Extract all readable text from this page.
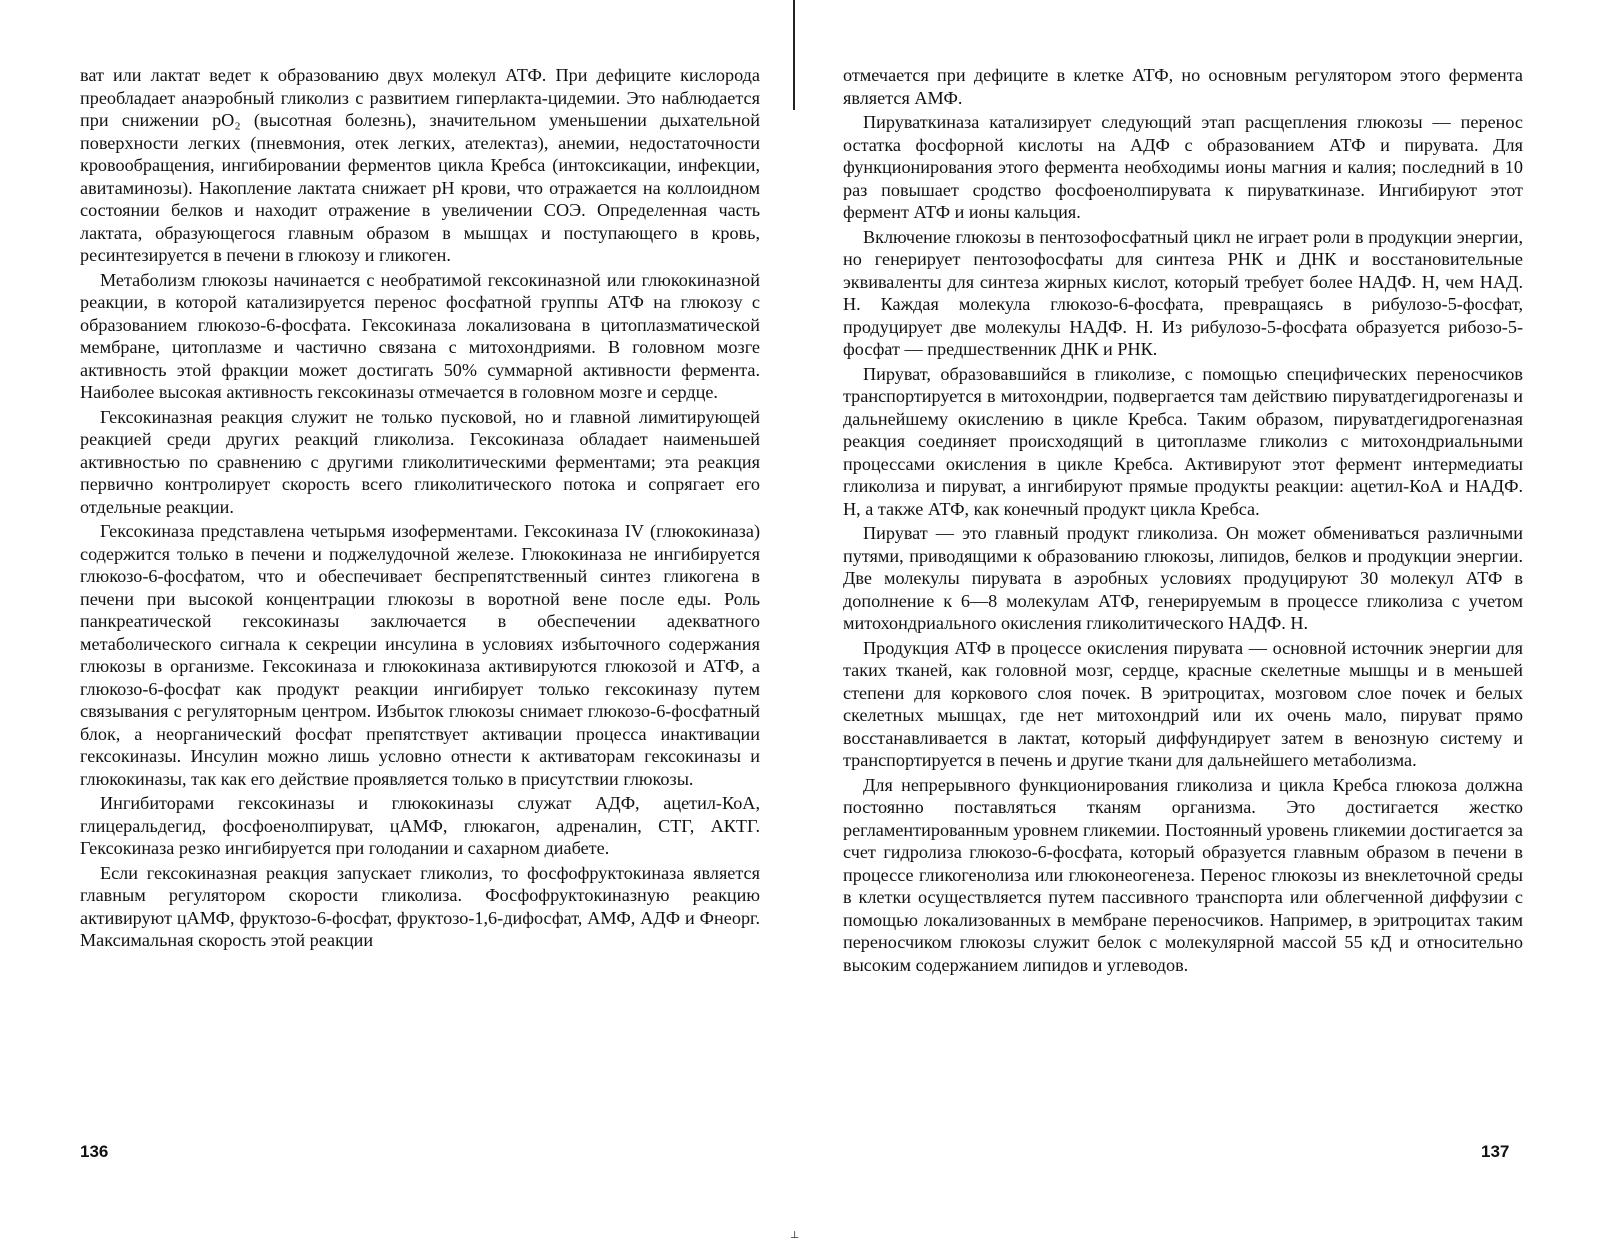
⊥

ват или лактат ведет к образованию двух молекул АТФ. При дефиците кислорода преобладает анаэробный гликолиз с развитием гиперлакта-цидемии. Это наблюдается при снижении pO₂ (высотная болезнь), значительном уменьшении дыхательной поверхности легких (пневмония, отек легких, ателектаз), анемии, недостаточности кровообращения, ингибировании ферментов цикла Кребса (интоксикации, инфекции, авитаминозы). Накопление лактата снижает pH крови, что отражается на коллоидном состоянии белков и находит отражение в увеличении СОЭ. Определенная часть лактата, образующегося главным образом в мышцах и поступающего в кровь, ресинтезируется в печени в глюкозу и гликоген.

Метаболизм глюкозы начинается с необратимой гексокиназной или глюкокиназной реакции, в которой катализируется перенос фосфатной группы АТФ на глюкозу с образованием глюкозо-6-фосфата. Гексокиназа локализована в цитоплазматической мембране, цитоплазме и частично связана с митохондриями. В головном мозге активность этой фракции может достигать 50% суммарной активности фермента. Наиболее высокая активность гексокиназы отмечается в головном мозге и сердце.

Гексокиназная реакция служит не только пусковой, но и главной лимитирующей реакцией среди других реакций гликолиза. Гексокиназа обладает наименьшей активностью по сравнению с другими гликолитическими ферментами; эта реакция первично контролирует скорость всего гликолитического потока и сопрягает его отдельные реакции.

Гексокиназа представлена четырьмя изоферментами. Гексокиназа IV (глюкокиназа) содержится только в печени и поджелудочной железе. Глюкокиназа не ингибируется глюкозо-6-фосфатом, что и обеспечивает беспрепятственный синтез гликогена в печени при высокой концентрации глюкозы в воротной вене после еды. Роль панкреатической гексокиназы заключается в обеспечении адекватного метаболического сигнала к секреции инсулина в условиях избыточного содержания глюкозы в организме. Гексокиназа и глюкокиназа активируются глюкозой и АТФ, а глюкозо-6-фосфат как продукт реакции ингибирует только гексокиназу путем связывания с регуляторным центром. Избыток глюкозы снимает глюкозо-6-фосфатный блок, а неорганический фосфат препятствует активации процесса инактивации гексокиназы. Инсулин можно лишь условно отнести к активаторам гексокиназы и глюкокиназы, так как его действие проявляется только в присутствии глюкозы.

Ингибиторами гексокиназы и глюкокиназы служат АДФ, ацетил-КоА, глицеральдегид, фосфоенолпируват, цАМФ, глюкагон, адреналин, СТГ, АКТГ. Гексокиназа резко ингибируется при голодании и сахарном диабете.

Если гексокиназная реакция запускает гликолиз, то фосфофруктокиназа является главным регулятором скорости гликолиза. Фосфофруктокиназную реакцию активируют цАМФ, фруктозо-6-фосфат, фруктозо-1,6-дифосфат, АМФ, АДФ и Фнеорг. Максимальная скорость этой реакции

отмечается при дефиците в клетке АТФ, но основным регулятором этого фермента является АМФ.

Пируваткиназа катализирует следующий этап расщепления глюкозы — перенос остатка фосфорной кислоты на АДФ с образованием АТФ и пирувата. Для функционирования этого фермента необходимы ионы магния и калия; последний в 10 раз повышает сродство фосфоенолпирувата к пируваткиназе. Ингибируют этот фермент АТФ и ионы кальция.

Включение глюкозы в пентозофосфатный цикл не играет роли в продукции энергии, но генерирует пентозофосфаты для синтеза РНК и ДНК и восстановительные эквиваленты для синтеза жирных кислот, который требует более НАДФ. Н, чем НАД. Н. Каждая молекула глюкозо-6-фосфата, превращаясь в рибулозо-5-фосфат, продуцирует две молекулы НАДФ. Н. Из рибулозо-5-фосфата образуется рибозо-5-фосфат — предшественник ДНК и РНК.

Пируват, образовавшийся в гликолизе, с помощью специфических переносчиков транспортируется в митохондрии, подвергается там действию пируватдегидрогеназы и дальнейшему окислению в цикле Кребса. Таким образом, пируватдегидрогеназная реакция соединяет происходящий в цитоплазме гликолиз с митохондриальными процессами окисления в цикле Кребса. Активируют этот фермент интермедиаты гликолиза и пируват, а ингибируют прямые продукты реакции: ацетил-КоА и НАДФ. Н, а также АТФ, как конечный продукт цикла Кребса.

Пируват — это главный продукт гликолиза. Он может обмениваться различными путями, приводящими к образованию глюкозы, липидов, белков и продукции энергии. Две молекулы пирувата в аэробных условиях продуцируют 30 молекул АТФ в дополнение к 6—8 молекулам АТФ, генерируемым в процессе гликолиза с учетом митохондриального окисления гликолитического НАДФ. Н.

Продукция АТФ в процессе окисления пирувата — основной источник энергии для таких тканей, как головной мозг, сердце, красные скелетные мышцы и в меньшей степени для коркового слоя почек. В эритроцитах, мозговом слое почек и белых скелетных мышцах, где нет митохондрий или их очень мало, пируват прямо восстанавливается в лактат, который диффундирует затем в венозную систему и транспортируется в печень и другие ткани для дальнейшего метаболизма.

Для непрерывного функционирования гликолиза и цикла Кребса глюкоза должна постоянно поставляться тканям организма. Это достигается жестко регламентированным уровнем гликемии. Постоянный уровень гликемии достигается за счет гидролиза глюкозо-6-фосфата, который образуется главным образом в печени в процессе гликогенолиза или глюконеогенеза. Перенос глюкозы из внеклеточной среды в клетки осуществляется путем пассивного транспорта или облегченной диффузии с помощью локализованных в мембране переносчиков. Например, в эритроцитах таким переносчиком глюкозы служит белок с молекулярной массой 55 кД и относительно высоким содержанием липидов и углеводов.

136	137
